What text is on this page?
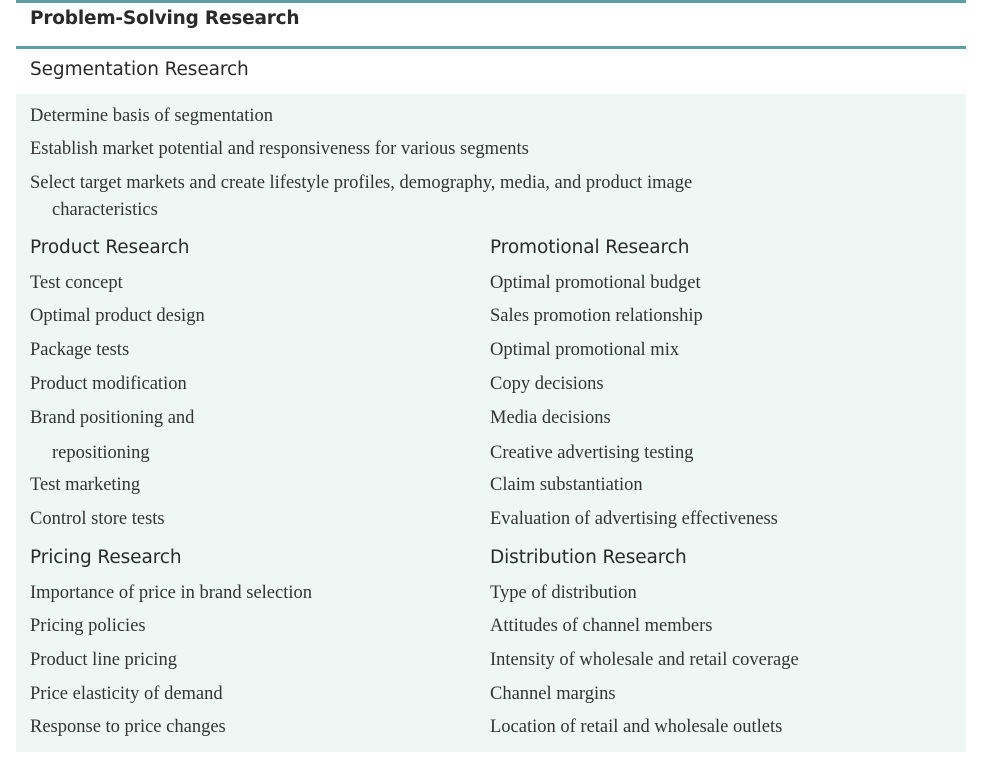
Problem-Solving Research
Segmentation Research
Determine basis of segmentation
Establish market potential and responsiveness for various segments
Select target markets and create lifestyle profiles, demography, media, and product image
characteristics
Product Research
Test concept
Optimal product design
Package tests
Product modification
Brand positioning and
repositioning
Test marketing
Control store tests
Promotional Research
Optimal promotional budget
Sales promotion relationship
Optimal promotional mix
Copy decisions
Media decisions
Creative advertising testing
Claim substantiation
Evaluation of advertising effectiveness
Pricing Research
Importance of price in brand selection
Pricing policies
Product line pricing
Price elasticity of demand
Response to price changes
Distribution Research
Type of distribution
Attitudes of channel members
Intensity of wholesale and retail coverage
Channel margins
Location of retail and wholesale outlets
